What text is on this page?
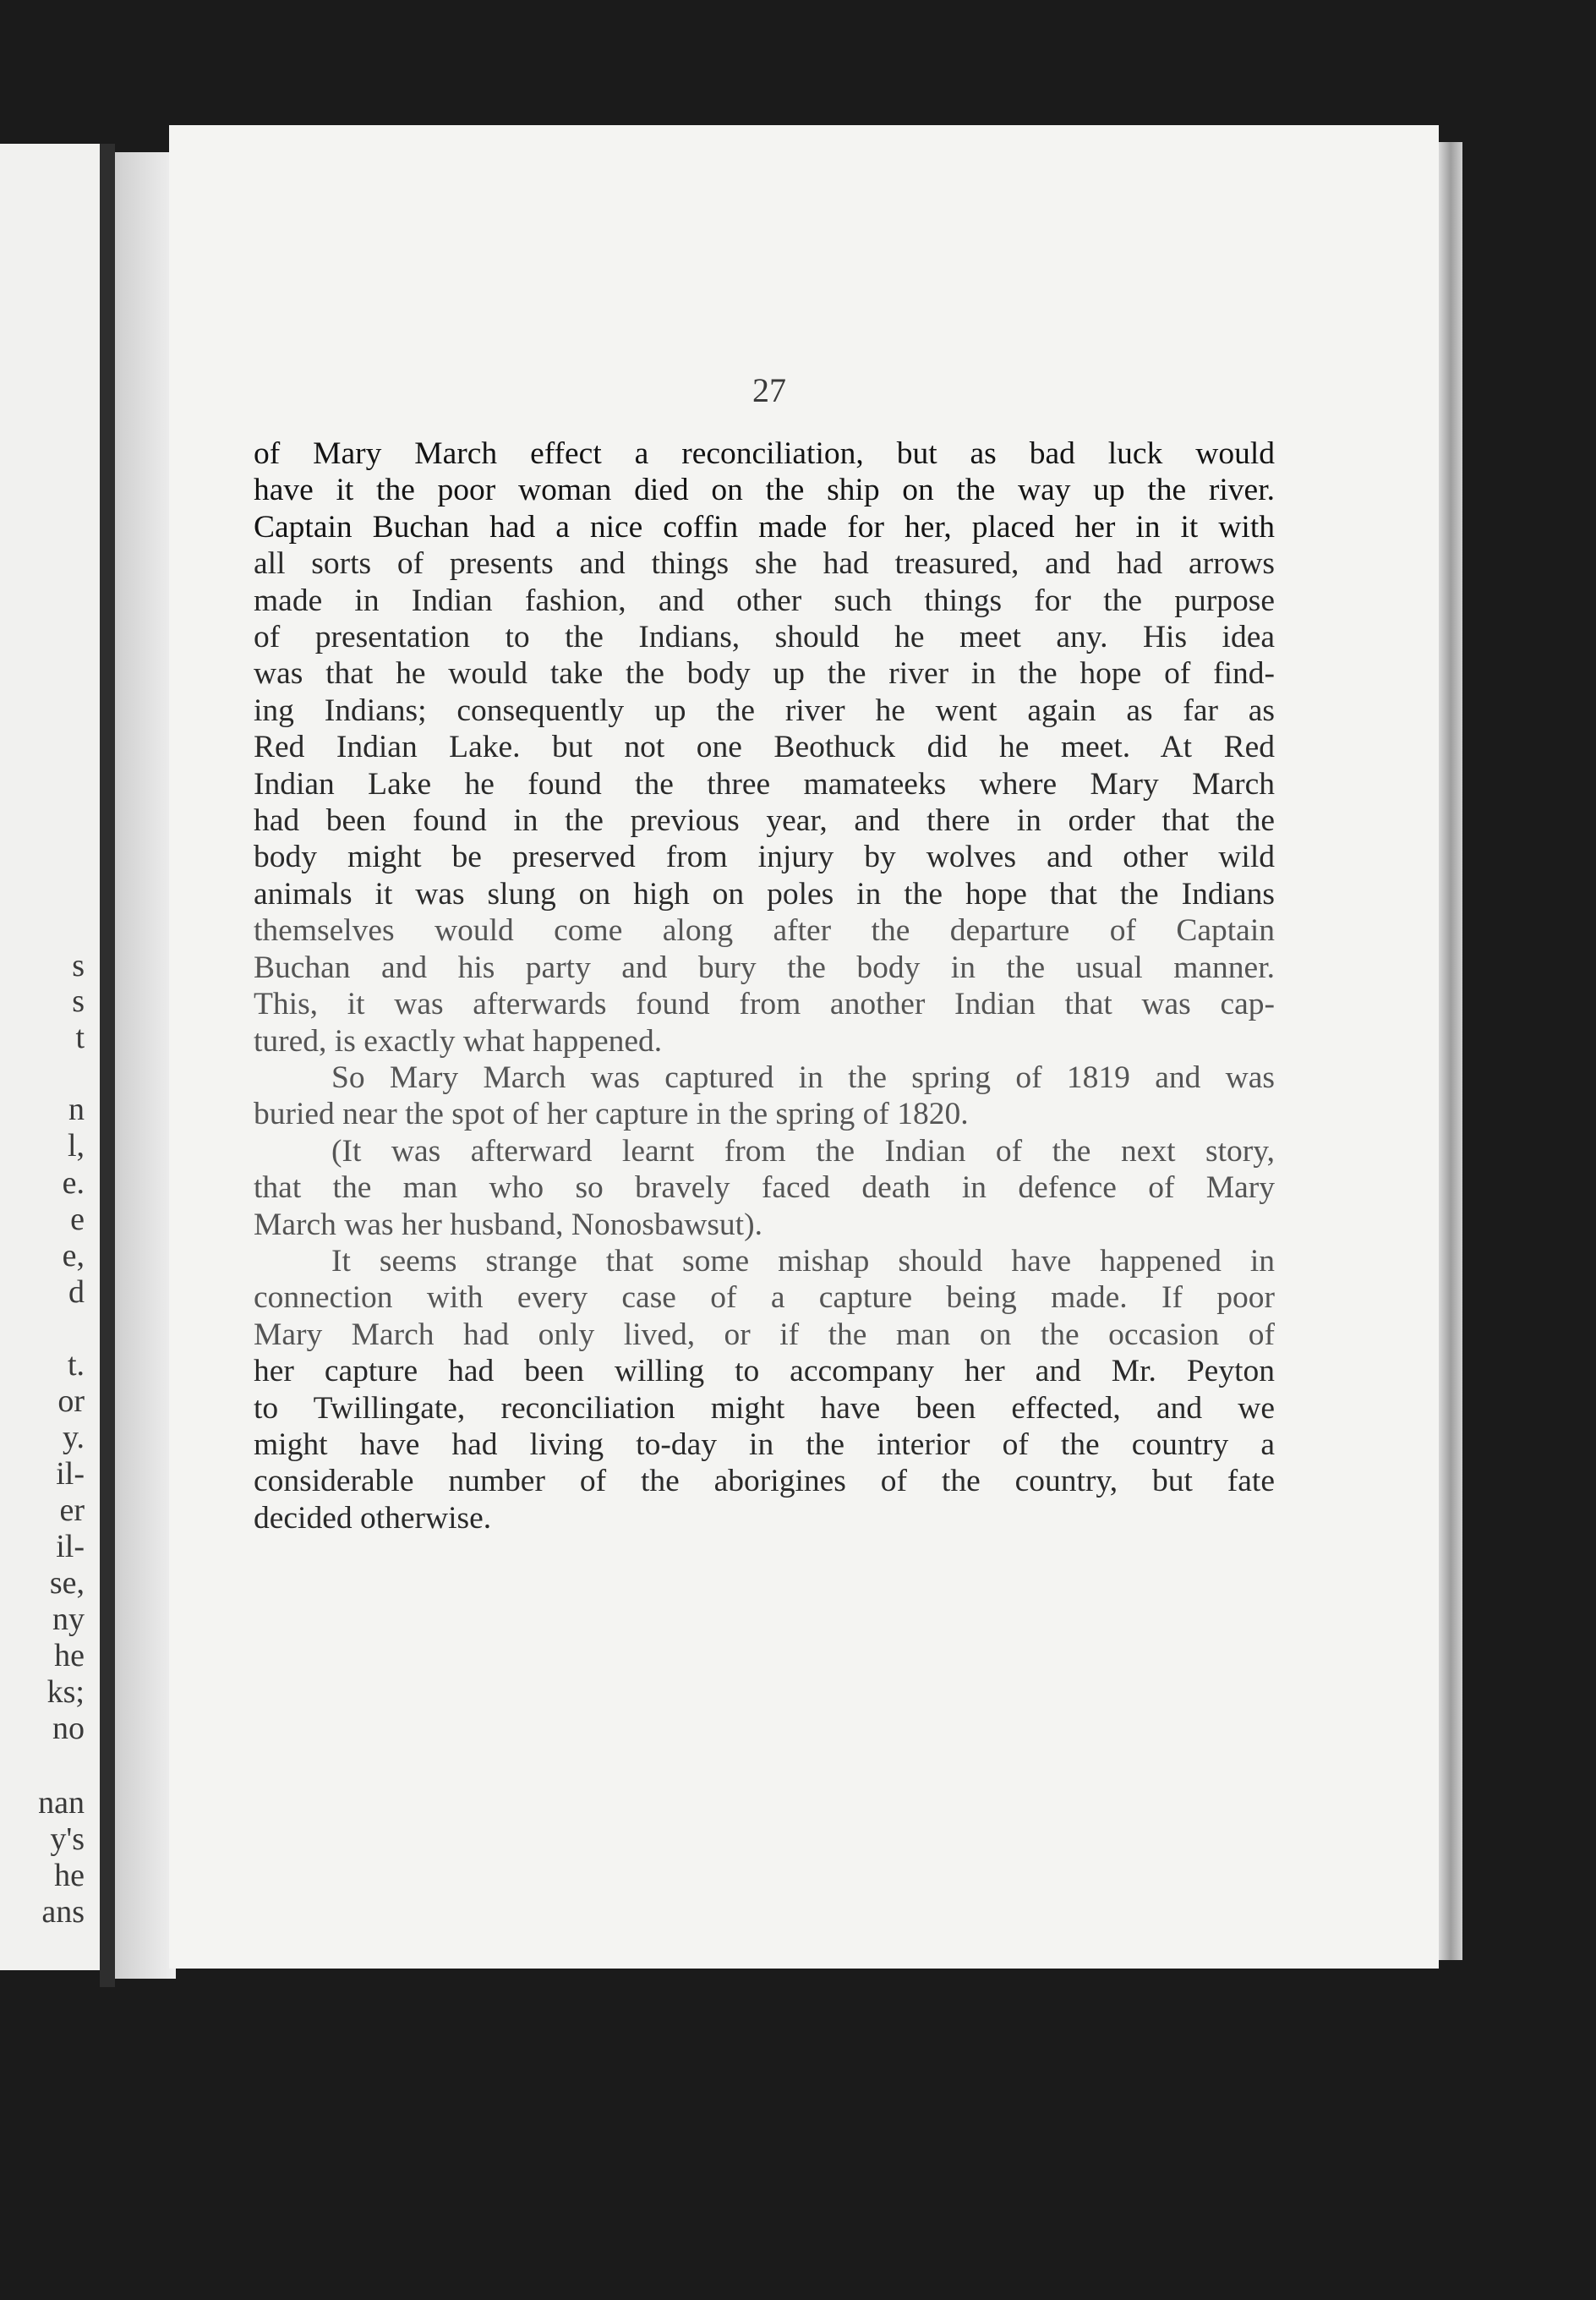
s
s
t
n
l,
e.
e
e,
d
t.
or
y.
il-
er
il-
se,
ny
he
ks;
no
nan
y's
he
ans
27
of Mary March effect a reconciliation, but as bad luck would
have it the poor woman died on the ship on the way up the river.
Captain Buchan had a nice coffin made for her, placed her in it with
all sorts of presents and things she had treasured, and had arrows
made in Indian fashion, and other such things for the purpose
of presentation to the Indians, should he meet any. His idea
was that he would take the body up the river in the hope of find-
ing Indians; consequently up the river he went again as far as
Red Indian Lake. but not one Beothuck did he meet. At Red
Indian Lake he found the three mamateeks where Mary March
had been found in the previous year, and there in order that the
body might be preserved from injury by wolves and other wild
animals it was slung on high on poles in the hope that the Indians
themselves would come along after the departure of Captain
Buchan and his party and bury the body in the usual manner.
This, it was afterwards found from another Indian that was cap-
tured, is exactly what happened.
So Mary March was captured in the spring of 1819 and was
buried near the spot of her capture in the spring of 1820.
(It was afterward learnt from the Indian of the next story,
that the man who so bravely faced death in defence of Mary
March was her husband, Nonosbawsut).
It seems strange that some mishap should have happened in
connection with every case of a capture being made. If poor
Mary March had only lived, or if the man on the occasion of
her capture had been willing to accompany her and Mr. Peyton
to Twillingate, reconciliation might have been effected, and we
might have had living to-day in the interior of the country a
considerable number of the aborigines of the country, but fate
decided otherwise.
